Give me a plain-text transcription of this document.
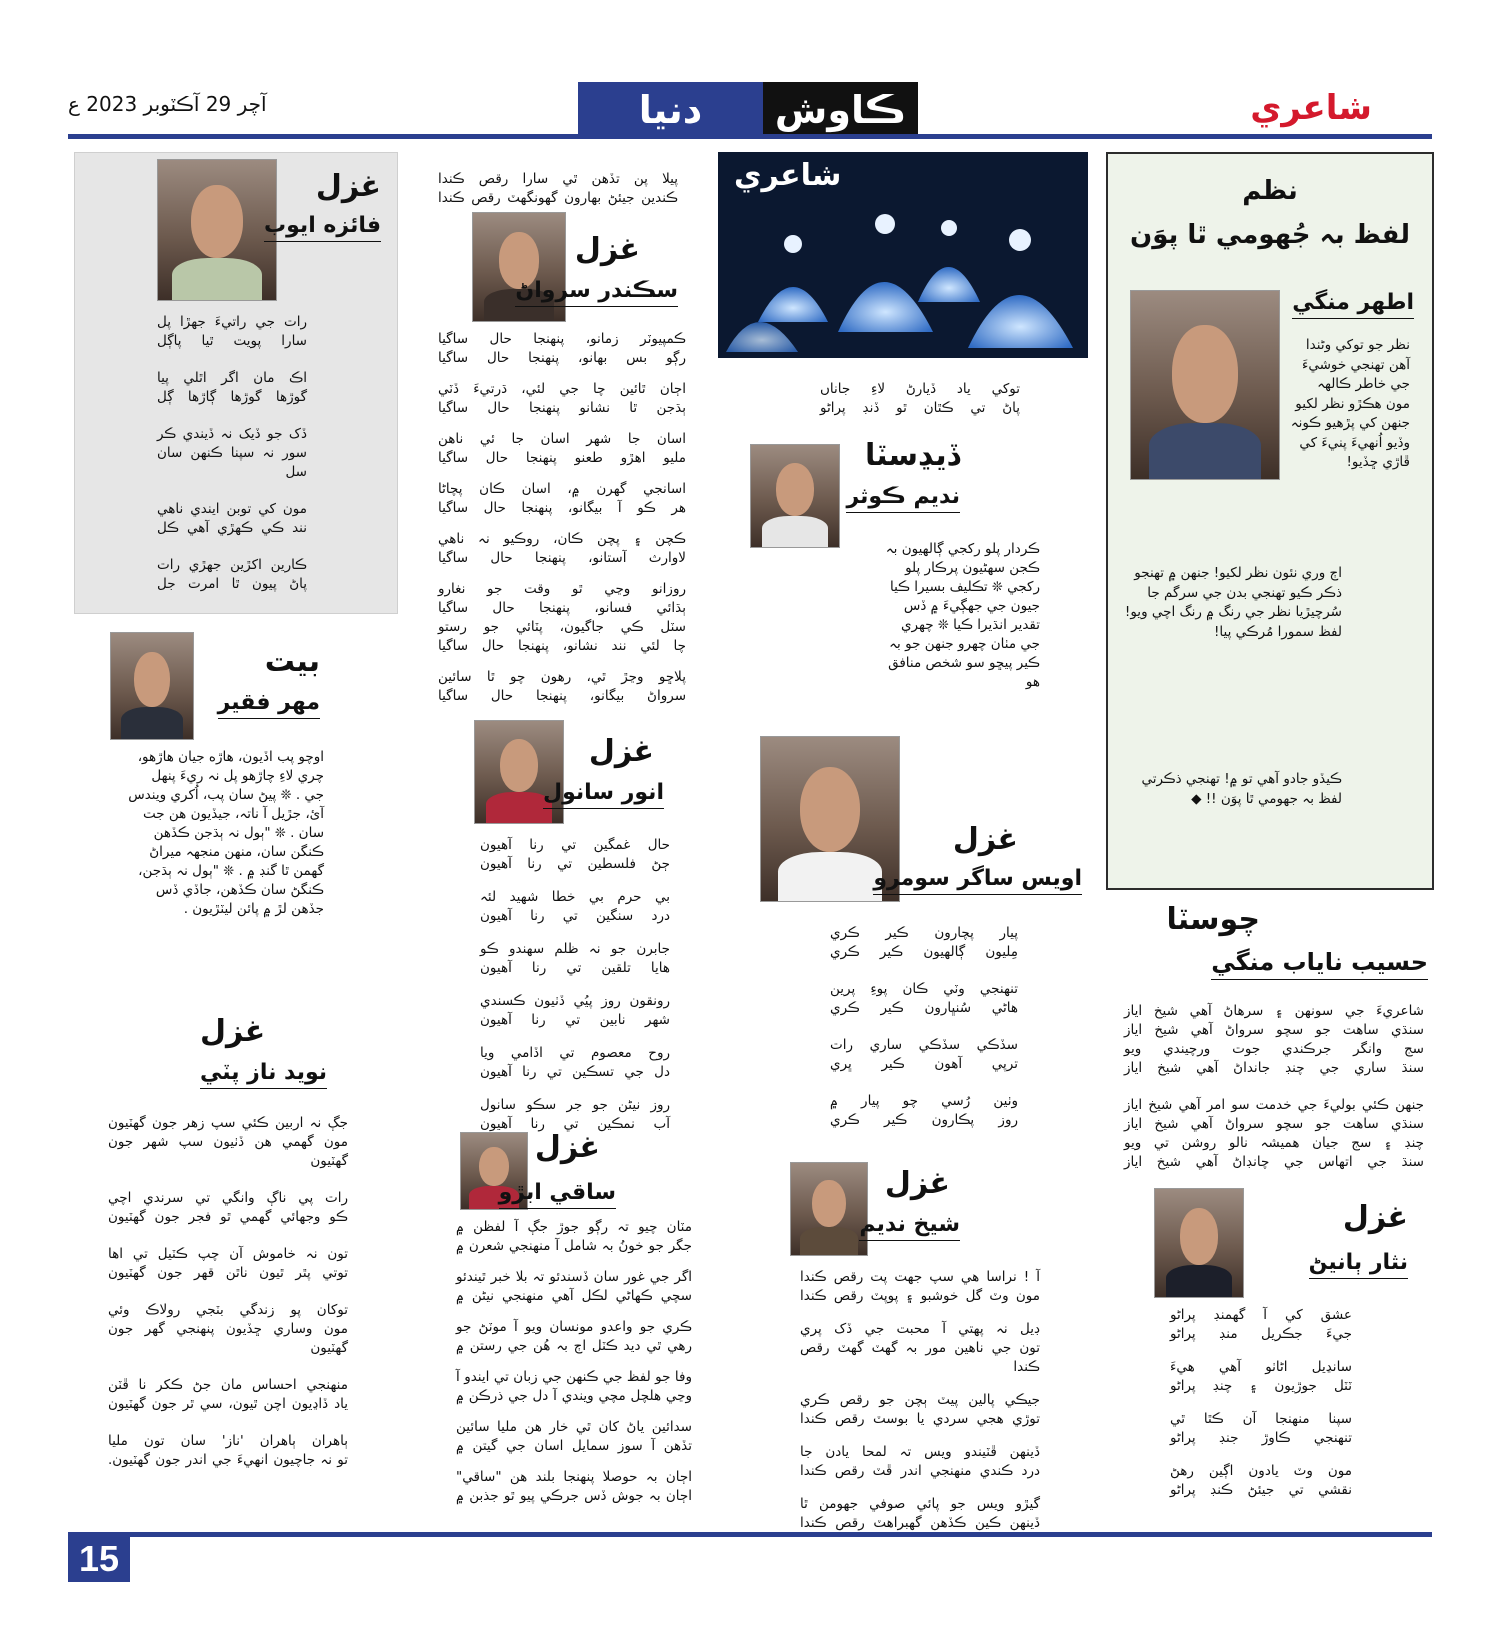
آچر 29 آڪٽوبر 2023 ع	شاعري
دنيا	ڪاوش
نظم
لفظ بہ جُهومي ٿا پوَن
اطهر منگي
نظر جو توکي وڻندا آهن تهنجي خوشيءَ جي خاطر ڪالهہ مون هڪڙو نظر لکيو جنهن کي پڙهيو ڪونہ وڏيو اُنهيءَ پنيءَ کي ڦاڙي ڇڏيو!
اڄ وري نئون نظر لکيو! جنهن ۾ تهنجو ذڪر ڪيو تهنجي بدن جي سرگم جا سُرچيڙيا نظر جي رنگ ۾ رنگ اچي ويو! لفظ سمورا مُرڪي پيا!
ڪيڏو جادو آهي تو ۾! تهنجي ذڪرتي لفظ بہ جهومي ٿا پوَن !! ◆
چوسٽا
حسيب ناياب منگي

شاعريءَ جي سونهن ۽ سرهاڻ آهي شيخ اياز
سنڌي ساهت جو سچو سرواڻ آهي شيخ اياز
سج وانگر جرڪندي جوت ورچيندي ويو
سنڌ ساري جي چنڊ جانداڻ آهي شيخ اياز

جنهن ڪئي بوليءَ جي خدمت سو امر آهي شيخ اياز
سنڌي ساهت جو سچو سرواڻ آهي شيخ اياز
چنڊ ۽ سج جيان هميشہ نالو روشن تي ويو
سنڌ جي اتهاس جي چانڊاڻ آهي شيخ اياز

غزل
نثار ٻانيڻ

عشق کي آ گهمنڊ پراڻو
جيءَ جڪريل منڊ پراڻو

سانڍيل اڻاٺو آهي هيءَ
ٽٽل جوڙيون ۽ چنڊ پراڻو

سپنا منهنجا آن ڪٿا ٿي
تنهنجي ڪاوڙ جنڊ پراڻو

مون وٽ يادون اڳين رهڻ
نقشي تي جيئڻ ڪنڊ پراڻو

شاعري
توکي ياد ڏيارڻ لاءِ جاناں
پاڻ تي ڪٿان ٿو ڏنڊ پراڻو
ڏيڍسٽا
نديم ڪوثر
ڪردار پلو رکجي ڳالهيون بہ ڪجن سهڻيون پرڪار پلو رکجي ❊ تڪليف بسيرا ڪيا جيون جي جهڳيءَ ۾ ڏس تقدير انڌيرا ڪيا ❊ چهري جي مٺان چهرو جنهن جو بہ ڪير پيڇو سو شخص منافق هو
غزل
اويس ساگر سومرو

پيار پچارون ڪير ڪري
مِليون ڳالهيون ڪير ڪري

تنهنجي وٽي ڪان پوءِ پرين
هاڻي سُنڀارون ڪير ڪري

سڏڪي سڏڪي ساري رات
ترپي آهون ڪير ڀري

وٺين رُسي چو پيار ۾
روز پڪارون ڪير ڪري

غزل
شيخ نديم

آ ! نراسا هي سپ جهت پت رقص ڪندا
مون وٽ گل خوشبو ۽ پوپٽ رقص ڪندا

ڊيل نہ پهتي آ محبت جي ڏک پري
تون جي ناهين مور بہ گهٽ گهٽ رقص ڪندا

جيڪي پالين پيٽ ٻچن جو رقص ڪري
توڙي هجي سردي يا بوسٽ رقص ڪندا

ڏينهن ڦٽيندو ويس تہ لمحا يادن جا
درد ڪندي منهنجي اندر ڦٽ رقص ڪندا

گيڙو ويس جو پائي صوفي جهومن ٿا
ڏينهن ڪين ڪڏهن گهبراهٽ رقص ڪندا

پيلا پن تڏهن ٿي سارا رقص ڪندا
ڪندين جيئڻ بهارون گهونگهٽ رقص ڪندا
غزل
سڪندر سرواڻ

ڪمپيوٽر زمانو، پنهنجا حال ساگيا
رڳو بس بهانو، پنهنجا حال ساگيا

اڄان ٿائين چا جي لئي، ڌرتيءَ ڏٽي
ٻڌجن ٿا نشانو پنهنجا حال ساگيا

اسان جا شهر اسان جا ئي ناهن
مليو اهڙو طعنو پنهنجا حال ساگيا

اسانجي گهرن ۾، اسان ڪان پچاڻا
هر ڪو آ بيگانو، پنهنجا حال ساگيا

ڪچن ۽ پچن ڪان، روڪيو نہ ناهي
لاوارث آستانو، پنهنجا حال ساگيا

روزانو وڃي ٿو وقت جو نغارو
ٻڌائي فسانو، پنهنجا حال ساگيا
سٽل ڪي جاگيون، پٽائي جو رستو
چا لئي نند نشانو، پنهنجا حال ساگيا

پلاڇو وڃڙ ٿي، رهون چو ٿا سائين
سرواڻ بيگانو، پنهنجا حال ساگيا

غزل
انور سانول

حال غمگين تي رنا آهيون
ڄڻ فلسطين تي رنا آهيون

بي حرم بي خطا شهيد لئہ
درد سنگين تي رنا آهيون

جابرن جو نہ ظلم سهندو ڪو
هايا تلقين تي رنا آهيون

رونقون روز پيُي ڏٺيون ڪسندي
شهر نابين تي رنا آهيون

روح معصوم تي اڏامي ويا
دل جي تسڪين تي رنا آهيون

روز نيڻن جو جر سڪو سانول
آب نمڪين تي رنا آهيون

غزل
ساقي ابڙو

مٽان چيو تہ رڳو جوڙ جڳ آ لفظن ۾
جگر جو خونُ بہ شامل آ منهنجي شعرن ۾

اگر جي غور سان ڏسندئو تہ بلا خبر ٿيندئو
سچي ڪهاڻي لڪل آهي منهنجي نيڻن ۾

ڪري جو واعدو مونسان ويو آ موٽڻ جو
رهي ٿي ديد ڪٽل اڄ بہ هُن جي رستن ۾

وفا جو لفظ جي ڪنهن جي زبان تي ايندو آ
وڃي هلچل مچي ويندي آ دل جي ذرڪن ۾

سدائين ياڻ کان ٿي خار هن مليا سائين
تڏهن آ سوز سمايل اسان جي گيتن ۾

اڄان بہ حوصلا پنهنجا بلند هن "ساقي"
اڄان بہ جوش ڏس جرڪي پيو ٿو جذبن ۾

غزل
فائزه ايوب

رات جي راتيءَ جهڙا پل
سارا پويت ٿيا پاڳل

اڪ مان اگر اٿلي پيا
گوڙها گوڙها ڳاڙها ڳل

ڏک جو ڏيک نہ ڏيندي ڪر
سور نہ سپنا ڪنهن سان سل

مون کي توبن ايندي ناهي
نند ڪي ڪهڙي آهي ڪل

ڪارين اکڙين جهڙي رات
پاڻ پيون ٿا امرت جل

بيت
مهر فقير
اوچو پب اڏيون، هاڙه جيان هاڙهو، چري لاءِ چاڙهو پل نہ ريءَ پنهل جي . ❊ پيڻ سان پب، اُکري ويندس آئ، جڙيل آ ناتہ، جيڏيون هن جت سان . ❊ "ٻول نہ ٻڌجن ڪڏهن ڪنگن سان، منهن منجهہ ميراڻ گهمن ٿا گنڊ ۾ . ❊ "ٻول نہ ٻڌجن، ڪنگڻ سان ڪڏهن، جاڏي ڏس جڏهن لڙ ۾ پائن ليٽڙيون .
غزل
نويد ناز پٽي

جڳ نہ اربين ڪئي سپ زهر جون گهٽيون
مون گهمي هن ڏٺيون سپ شهر جون گهٽيون

رات پي ناڳ وانگي تي سرندي اچي
ڪو وجهائي گهمي ٿو فجر جون گهٽيون

تون نہ خاموش آن چپ ڪٽيل تي اها
توتي پٿر ٿيون ناٿن قهر جون گهٽيون

توکان پو زندگي بٽجي رولاڪ وئي
مون وساري ڇڏيون پنهنجي گهر جون گهٽيون

منهنجي احساس مان جڻ ڪکر نا ڦٽن
ياد ڏاڍيون اچن ٿيون، سي ٿر جون گهٽيون

ٻاهران ٻاهران 'ناز' سان تون مليا
تو نہ جاچيون انهيءَ جي اندر جون گهٽيون.

15
